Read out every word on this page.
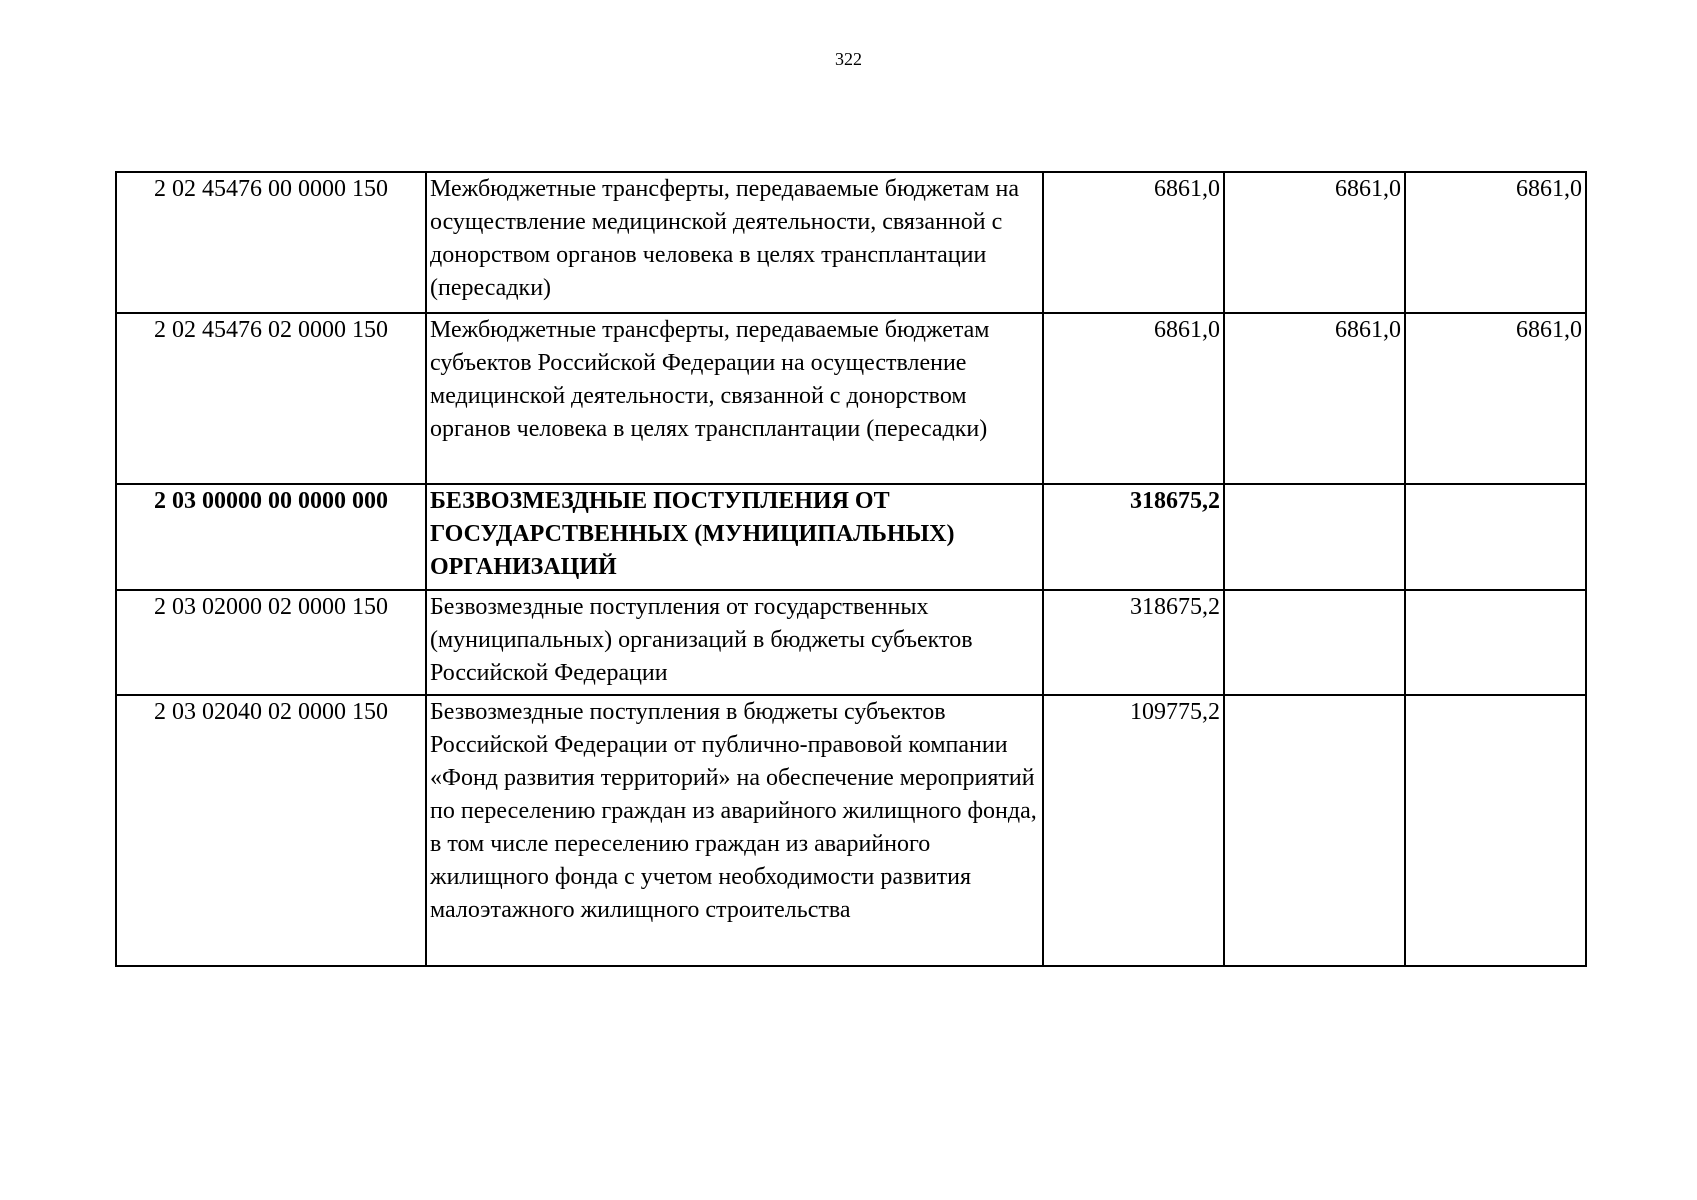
322
2 02 45476 00 0000 150	Межбюджетные трансферты, передаваемые бюджетам на осуществление медицинской деятельности, связанной с донорством органов человека в целях трансплантации (пересадки)	6861,0	6861,0	6861,0
2 02 45476 02 0000 150	Межбюджетные трансферты, передаваемые бюджетам субъектов Российской Федерации на осуществление медицинской деятельности, связанной с донорством органов человека в целях трансплантации (пересадки)	6861,0	6861,0	6861,0
2 03 00000 00 0000 000	БЕЗВОЗМЕЗДНЫЕ ПОСТУПЛЕНИЯ ОТ ГОСУДАРСТВЕННЫХ (МУНИЦИПАЛЬНЫХ) ОРГАНИЗАЦИЙ	318675,2		
2 03 02000 02 0000 150	Безвозмездные поступления от государственных (муниципальных) организаций в бюджеты субъектов Российской Федерации	318675,2		
2 03 02040 02 0000 150	Безвозмездные поступления в бюджеты субъектов Российской Федерации от публично-правовой компании «Фонд развития территорий» на обеспечение мероприятий по переселению граждан из аварийного жилищного фонда, в том числе переселению граждан из аварийного жилищного фонда с учетом необходимости развития малоэтажного жилищного строительства	109775,2		
